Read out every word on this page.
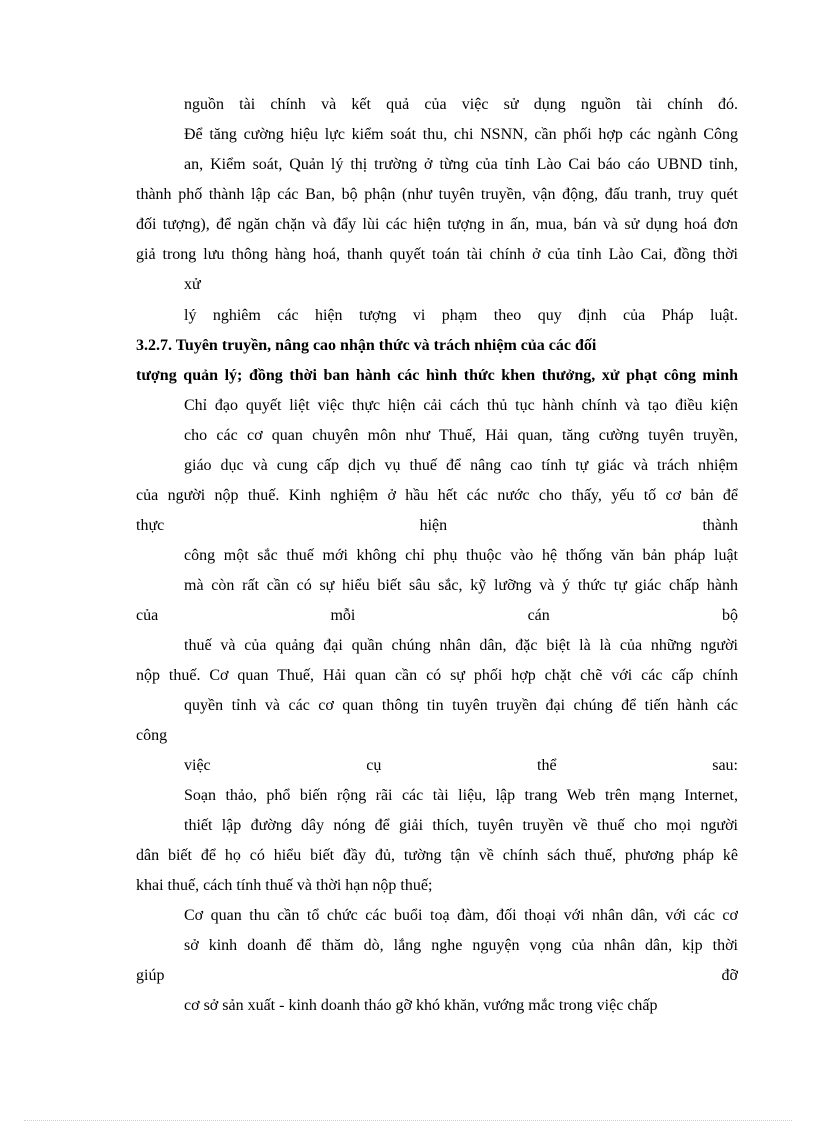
nguồn tài chính và kết quả của việc sử dụng nguồn tài chính đó.
Để tăng cường hiệu lực kiểm soát thu, chi NSNN, cần phối hợp các ngành Công
an, Kiểm soát, Quản lý thị trường ở từng của tỉnh Lào Cai báo cáo UBND tỉnh,
thành phố thành lập các Ban, bộ phận (như tuyên truyền, vận động, đấu tranh, truy quét
đối tượng), để ngăn chặn và đẩy lùi các hiện tượng in ấn, mua, bán và sử dụng hoá đơn
giả trong lưu thông hàng hoá, thanh quyết toán tài chính ở của tỉnh Lào Cai, đồng thời
xử
lý nghiêm các hiện tượng vi phạm theo quy định của Pháp luật.
3.2.7. Tuyên truyền, nâng cao nhận thức và trách nhiệm của các đối
tượng quản lý; đồng thời ban hành các hình thức khen thưởng, xử phạt công minh
Chỉ đạo quyết liệt việc thực hiện cải cách thủ tục hành chính và tạo điều kiện
cho các cơ quan chuyên môn như Thuế, Hải quan, tăng cường tuyên truyền,
giáo dục và cung cấp dịch vụ thuế để nâng cao tính tự giác và trách nhiệm
của người nộp thuế. Kinh nghiệm ở hầu hết các nước cho thấy, yếu tố cơ bản để
thực hiện thành
công một sắc thuế mới không chỉ phụ thuộc vào hệ thống văn bản pháp luật
mà còn rất cần có sự hiểu biết sâu sắc, kỹ lưỡng và ý thức tự giác chấp hành
của mỗi cán bộ
thuế và của quảng đại quần chúng nhân dân, đặc biệt là là của những người
nộp thuế. Cơ quan Thuế, Hải quan cần có sự phối hợp chặt chẽ với các cấp chính
quyền tỉnh và các cơ quan thông tin tuyên truyền đại chúng để tiến hành các
công
việc cụ thể sau:
Soạn thảo, phổ biến rộng rãi các tài liệu, lập trang Web trên mạng Internet,
thiết lập đường dây nóng để giải thích, tuyên truyền về thuế cho mọi người
dân biết để họ có hiểu biết đầy đủ, tường tận về chính sách thuế, phương pháp kê
khai thuế, cách tính thuế và thời hạn nộp thuế;
Cơ quan thu cần tổ chức các buổi toạ đàm, đối thoại với nhân dân, với các cơ
sở kinh doanh để thăm dò, lắng nghe nguyện vọng của nhân dân, kịp thời
giúp đỡ
cơ sở sản xuất - kinh doanh tháo gỡ khó khăn, vướng mắc trong việc chấp
